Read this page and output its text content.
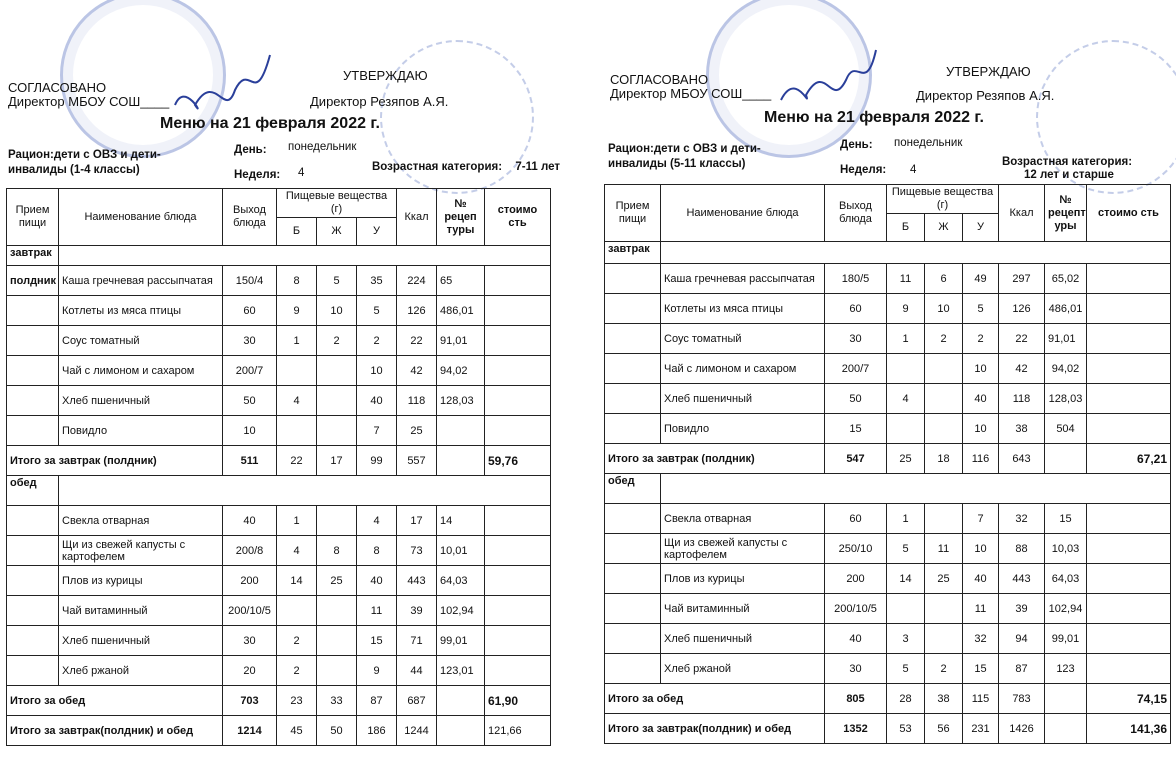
СОГЛАСОВАНО
Директор МБОУ СОШ____
УТВЕРЖДАЮ
Директор Резяпов А.Я.
Меню на 21 февраля 2022 г.
Рацион:дети с ОВЗ и дети-инвалиды (1-4 классы)
День: понедельник
Неделя: 4	Возрастная категория:	7-11 лет
Прием пищи	Наименование блюда	Выход блюда	Пищевые вещества (г)			Ккал	№ рецеп туры	стоимо сть
			Б	Ж	У			
завтрак								
полдник	Каша гречневая рассыпчатая	150/4	8	5	35	224	65	
	Котлеты из мяса птицы	60	9	10	5	126	486,01	
	Соус томатный	30	1	2	2	22	91,01	
	Чай с лимоном и сахаром	200/7			10	42	94,02	
	Хлеб пшеничный	50	4		40	118	128,03	
	Повидло	10			7	25		
Итого за завтрак (полдник)		511	22	17	99	557		59,76
обед								
	Свекла отварная	40	1		4	17	14	
	Щи из свежей капусты с картофелем	200/8	4	8	8	73	10,01	
	Плов из курицы	200	14	25	40	443	64,03	
	Чай витаминный	200/10/5			11	39	102,94	
	Хлеб пшеничный	30	2		15	71	99,01	
	Хлеб ржаной	20	2		9	44	123,01	
Итого за обед		703	23	33	87	687		61,90
Итого за завтрак(полдник) и обед		1214	45	50	186	1244		121,66
СОГЛАСОВАНО
Директор МБОУ СОШ____
УТВЕРЖДАЮ
Директор Резяпов А.Я.
Меню на 21 февраля 2022 г.
Рацион:дети с ОВЗ и дети-инвалиды (5-11 классы)
День: понедельник
Неделя: 4
Возрастная категория:
12 лет и старше
Прием пищи	Наименование блюда	Выход блюда	Пищевые вещества (г)			Ккал	№ рецепт уры	стоимо сть
			Б	Ж	У			
завтрак								
	Каша гречневая рассыпчатая	180/5	11	6	49	297	65,02	
	Котлеты из мяса птицы	60	9	10	5	126	486,01	
	Соус томатный	30	1	2	2	22	91,01	
	Чай с лимоном и сахаром	200/7			10	42	94,02	
	Хлеб пшеничный	50	4		40	118	128,03	
	Повидло	15			10	38	504	
Итого за завтрак (полдник)		547	25	18	116	643		67,21
обед								
	Свекла отварная	60	1		7	32	15	
	Щи из свежей капусты с картофелем	250/10	5	11	10	88	10,03	
	Плов из курицы	200	14	25	40	443	64,03	
	Чай витаминный	200/10/5			11	39	102,94	
	Хлеб пшеничный	40	3		32	94	99,01	
	Хлеб ржаной	30	5	2	15	87	123	
Итого за обед		805	28	38	115	783		74,15
Итого за завтрак(полдник) и обед		1352	53	56	231	1426		141,36
